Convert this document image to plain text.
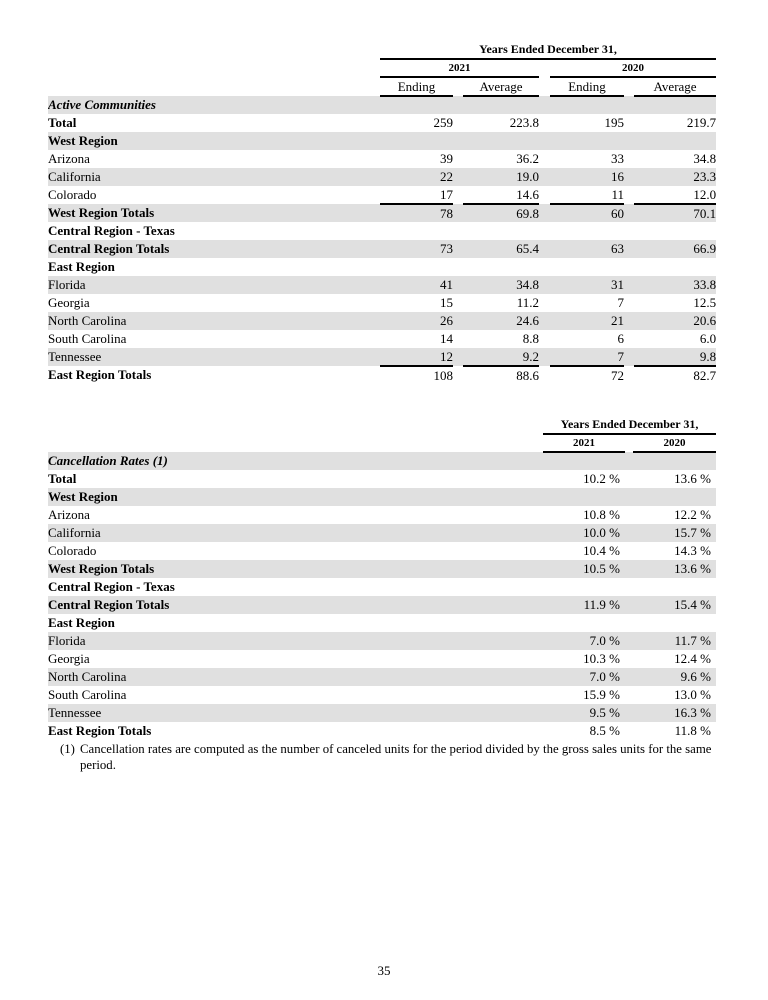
	Years Ended December 31,						
	2021				2020		
	Ending		Average		Ending		Average
Active Communities							
Total	259		223.8		195		219.7
West Region							
Arizona	39		36.2		33		34.8
California	22		19.0		16		23.3
Colorado	17		14.6		11		12.0
West Region Totals	78		69.8		60		70.1
Central Region - Texas							
Central Region Totals	73		65.4		63		66.9
East Region							
Florida	41		34.8		31		33.8
Georgia	15		11.2		7		12.5
North Carolina	26		24.6		21		20.6
South Carolina	14		8.8		6		6.0
Tennessee	12		9.2		7		9.8
East Region Totals	108		88.6		72		82.7
	Years Ended December 31,		
	2021		2020
Cancellation Rates (1)			
Total	10.2 %		13.6 %
West Region			
Arizona	10.8 %		12.2 %
California	10.0 %		15.7 %
Colorado	10.4 %		14.3 %
West Region Totals	10.5 %		13.6 %
Central Region - Texas			
Central Region Totals	11.9 %		15.4 %
East Region			
Florida	7.0 %		11.7 %
Georgia	10.3 %		12.4 %
North Carolina	7.0 %		9.6 %
South Carolina	15.9 %		13.0 %
Tennessee	9.5 %		16.3 %
East Region Totals	8.5 %		11.8 %
(1) Cancellation rates are computed as the number of canceled units for the period divided by the gross sales units for the same period.
35
